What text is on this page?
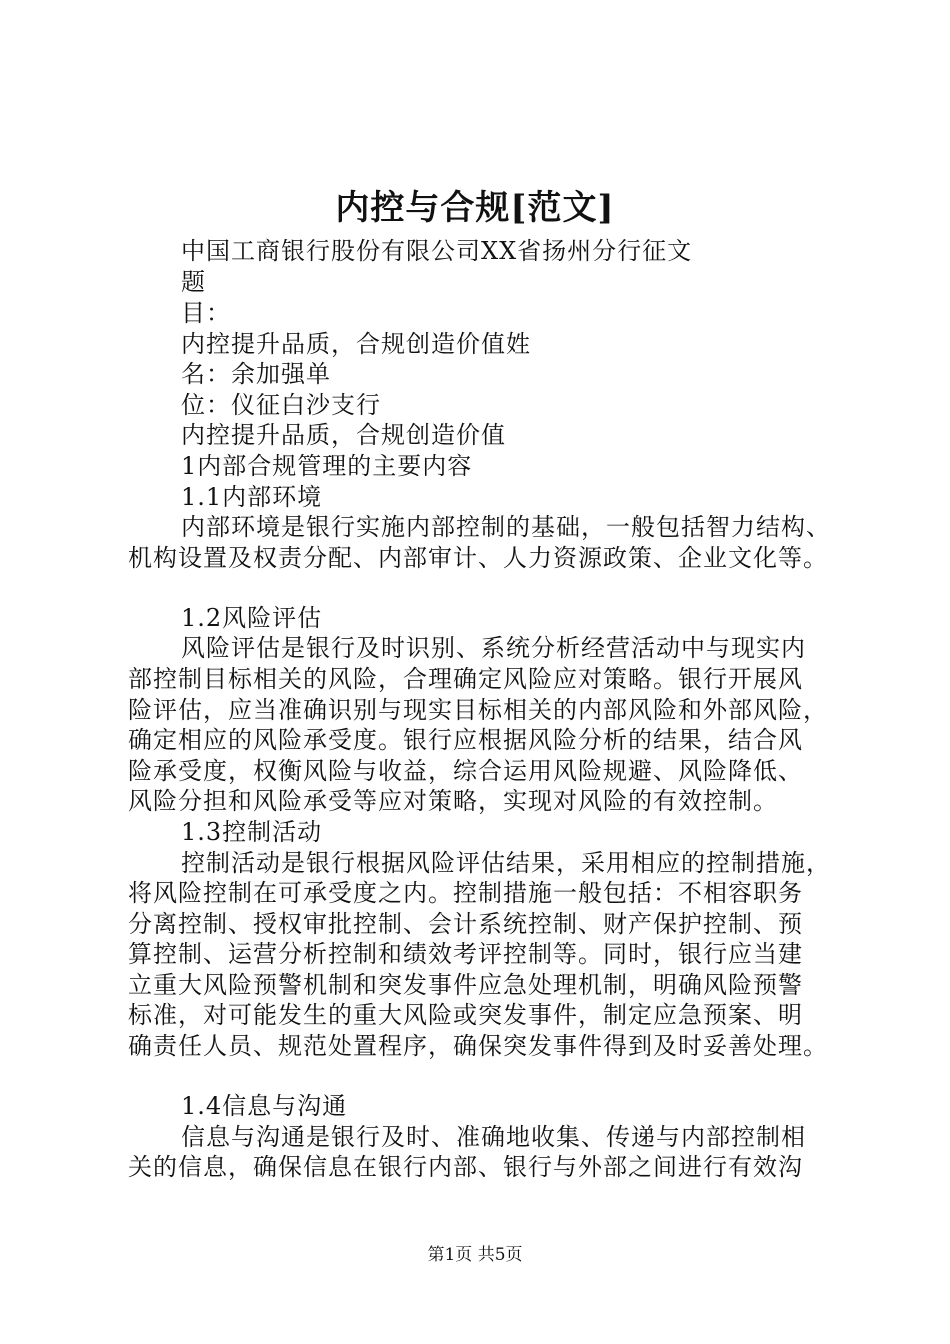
内控与合规[范文]
中国工商银行股份有限公司XX省扬州分行征文
题
目：
内控提升品质，合规创造价值姓
名：余加强单
位：仪征白沙支行
内控提升品质，合规创造价值
1内部合规管理的主要内容
1.1内部环境
内部环境是银行实施内部控制的基础，一般包括智力结构、
机构设置及权责分配、内部审计、人力资源政策、企业文化等。
1.2风险评估
风险评估是银行及时识别、系统分析经营活动中与现实内
部控制目标相关的风险，合理确定风险应对策略。银行开展风
险评估，应当准确识别与现实目标相关的内部风险和外部风险，
确定相应的风险承受度。银行应根据风险分析的结果，结合风
险承受度，权衡风险与收益，综合运用风险规避、风险降低、
风险分担和风险承受等应对策略，实现对风险的有效控制。
1.3控制活动
控制活动是银行根据风险评估结果，采用相应的控制措施，
将风险控制在可承受度之内。控制措施一般包括：不相容职务
分离控制、授权审批控制、会计系统控制、财产保护控制、预
算控制、运营分析控制和绩效考评控制等。同时，银行应当建
立重大风险预警机制和突发事件应急处理机制，明确风险预警
标准，对可能发生的重大风险或突发事件，制定应急预案、明
确责任人员、规范处置程序，确保突发事件得到及时妥善处理。
1.4信息与沟通
信息与沟通是银行及时、准确地收集、传递与内部控制相
关的信息，确保信息在银行内部、银行与外部之间进行有效沟
第1页 共5页
